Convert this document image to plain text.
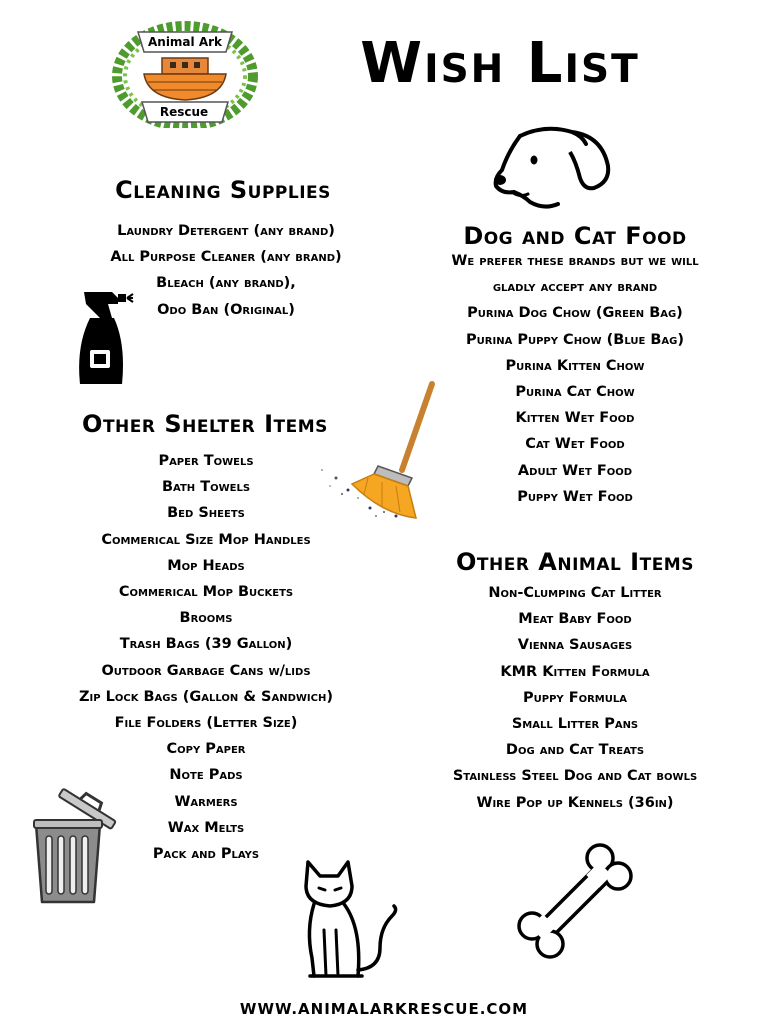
Animal Ark
Rescue
Wish List
Cleaning Supplies
Laundry Detergent (any brand)
All Purpose Cleaner (any brand)
Bleach (any brand),
Odo Ban (Original)
Dog and Cat Food
We prefer these brands but we will
gladly accept any brand
Purina Dog Chow (Green Bag)
Purina Puppy Chow (Blue Bag)
Purina Kitten Chow
Purina Cat Chow
Kitten Wet Food
Cat Wet Food
Adult Wet Food
Puppy Wet Food
Other Shelter Items
Paper Towels
Bath Towels
Bed Sheets
Commerical Size Mop Handles
Mop Heads
Commerical Mop Buckets
Brooms
Trash Bags (39 Gallon)
Outdoor Garbage Cans w/lids
Zip Lock Bags (Gallon & Sandwich)
File Folders (Letter Size)
Copy Paper
Note Pads
Warmers
Wax Melts
Pack and Plays
Other Animal Items
Non-Clumping Cat Litter
Meat Baby Food
Vienna Sausages
KMR Kitten Formula
Puppy Formula
Small Litter Pans
Dog and Cat Treats
Stainless Steel Dog and Cat bowls
Wire Pop up Kennels (36in)
WWW.ANIMALARKRESCUE.COM
